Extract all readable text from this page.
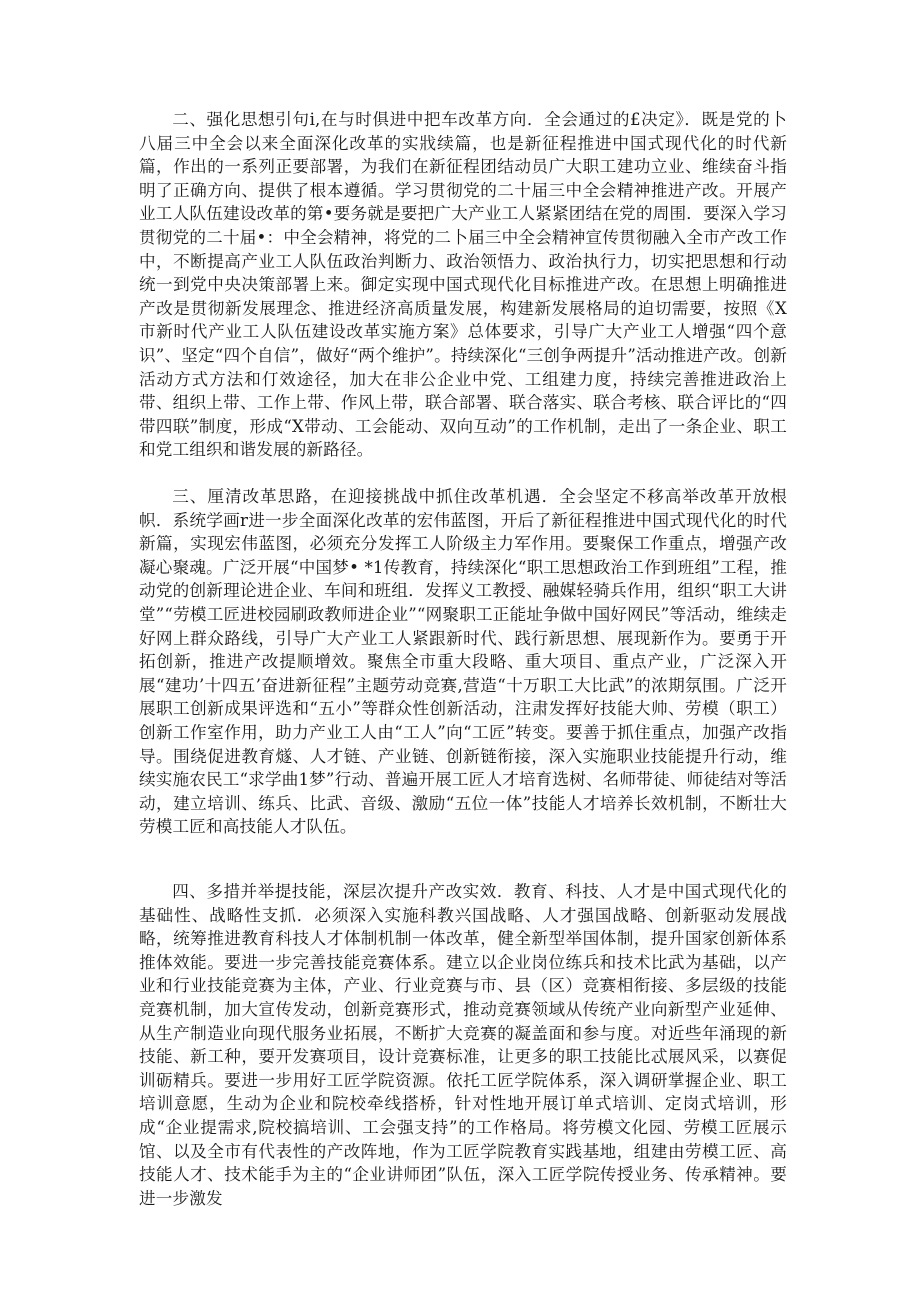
二、强化思想引句i,在与时俱进中把车改革方向．全会通过的£决定》．既是党的卜八届三中全会以来全面深化改革的实戕续篇，也是新征程推进中国式现代化的时代新篇，作出的一系列正要部署，为我们在新征程团结动员广大职工建功立业、维续奋斗指明了正确方向、提供了根本遵循。学习贯彻党的二十届三中全会精神推进产改。开展产业工人队伍建设改革的第•要务就是要把广大产业工人紧紧团结在党的周围．要深入学习贯彻党的二十届•：中全会精神，将党的二卜届三中全会精神宣传贯彻融入全市产改工作中，不断提高产业工人队伍政治判断力、政治领悟力、政治执行力，切实把思想和行动统一到党中央决策部署上来。御定实现中国式现代化目标推进产改。在思想上明确推进产改是贯彻新发展理念、推进经济高质量发展，构建新发展格局的迫切需要，按照《X市新时代产业工人队伍建设改革实施方案》总体要求，引导广大产业工人增强“四个意识”、坚定“四个自信”，做好“两个维护”。持续深化“三创争两提升”活动推进产改。创新活动方式方法和仃效途径，加大在非公企业中党、工组建力度，持续完善推进政治上带、组织上带、工作上带、作风上带，联合部署、联合落实、联合考核、联合评比的“四带四联”制度，形成“X带动、工会能动、双向互动”的工作机制，走出了一条企业、职工和党工组织和谐发展的新路径。

三、厘清改革思路，在迎接挑战中抓住改革机遇．全会坚定不移高举改革开放根帜．系统学画r进一步全面深化改革的宏伟蓝图，开后了新征程推进中国式现代化的时代新篇，实现宏伟蓝图，必须充分发挥工人阶级主力军作用。要聚保工作重点，增强产改凝心聚魂。广泛开展“中国梦• *1传教育，持续深化“职工思想政治工作到班组”工程，推动党的创新理论进企业、车间和班组．发挥义工教授、融媒轻骑兵作用，组织“职工大讲堂”“劳模工匠进校园刷政教师进企业”“网聚职工正能址争做中国好网民”等活动，维续走好网上群众路线，引导广大产业工人紧跟新时代、践行新思想、展现新作为。要勇于开拓创新，推进产改提顺增效。聚焦全市重大段略、重大项目、重点产业，广泛深入开展“建功’十四五’奋进新征程”主题劳动竞赛,营造“十万职工大比武”的浓期氛围。广泛开展职工创新成果评选和“五小”等群众性创新活动，注肃发挥好技能大帅、劳模（职工）创新工作室作用，助力产业工人由“工人”向“工匠”转变。要善于抓住重点，加强产改指导。围绕促进教育燧、人才链、产业链、创新链衔接，深入实施职业技能提升行动，维续实施农民工“求学曲1梦”行动、普遍开展工匠人才培育选树、名师带徒、师徒结对等活动，建立培训、练兵、比武、音级、激励“五位一体”技能人才培养长效机制，不断壮大劳模工匠和高技能人才队伍。

四、多措并举提技能，深层次提升产改实效．教育、科技、人才是中国式现代化的基础性、战略性支抓．必须深入实施科教兴国战略、人才强国战略、创新驱动发展战略，统筹推进教育科技人才体制机制一体改革，健全新型举国体制，提升国家创新体系推体效能。要进一步完善技能竞赛体系。建立以企业岗位练兵和技术比武为基础，以产业和行业技能竞赛为主体，产业、行业竞赛与市、县（区）竞赛相衔接、多层级的技能竞赛机制，加大宣传发动，创新竞赛形式，推动竞赛领域从传统产业向新型产业延伸、从生产制造业向现代服务业拓展，不断扩大竞赛的凝盖面和参与度。对近些年涌现的新技能、新工种，要开发赛项目，设计竞赛标准，让更多的职工技能比忒展风采，以赛促训砺精兵。要进一步用好工匠学院资源。依托工匠学院体系，深入调研掌握企业、职工培训意愿，生动为企业和院校牵线搭桥，针对性地开展订单式培训、定岗式培训，形成“企业提需求,院校搞培训、工会强支持”的工作格局。将劳模文化园、劳模工匠展示馆、以及全市有代表性的产改阵地，作为工匠学院教育实践基地，组建由劳模工匠、高技能人才、技术能手为主的“企业讲师团”队伍，深入工匠学院传授业务、传承精神。要进一步激发
